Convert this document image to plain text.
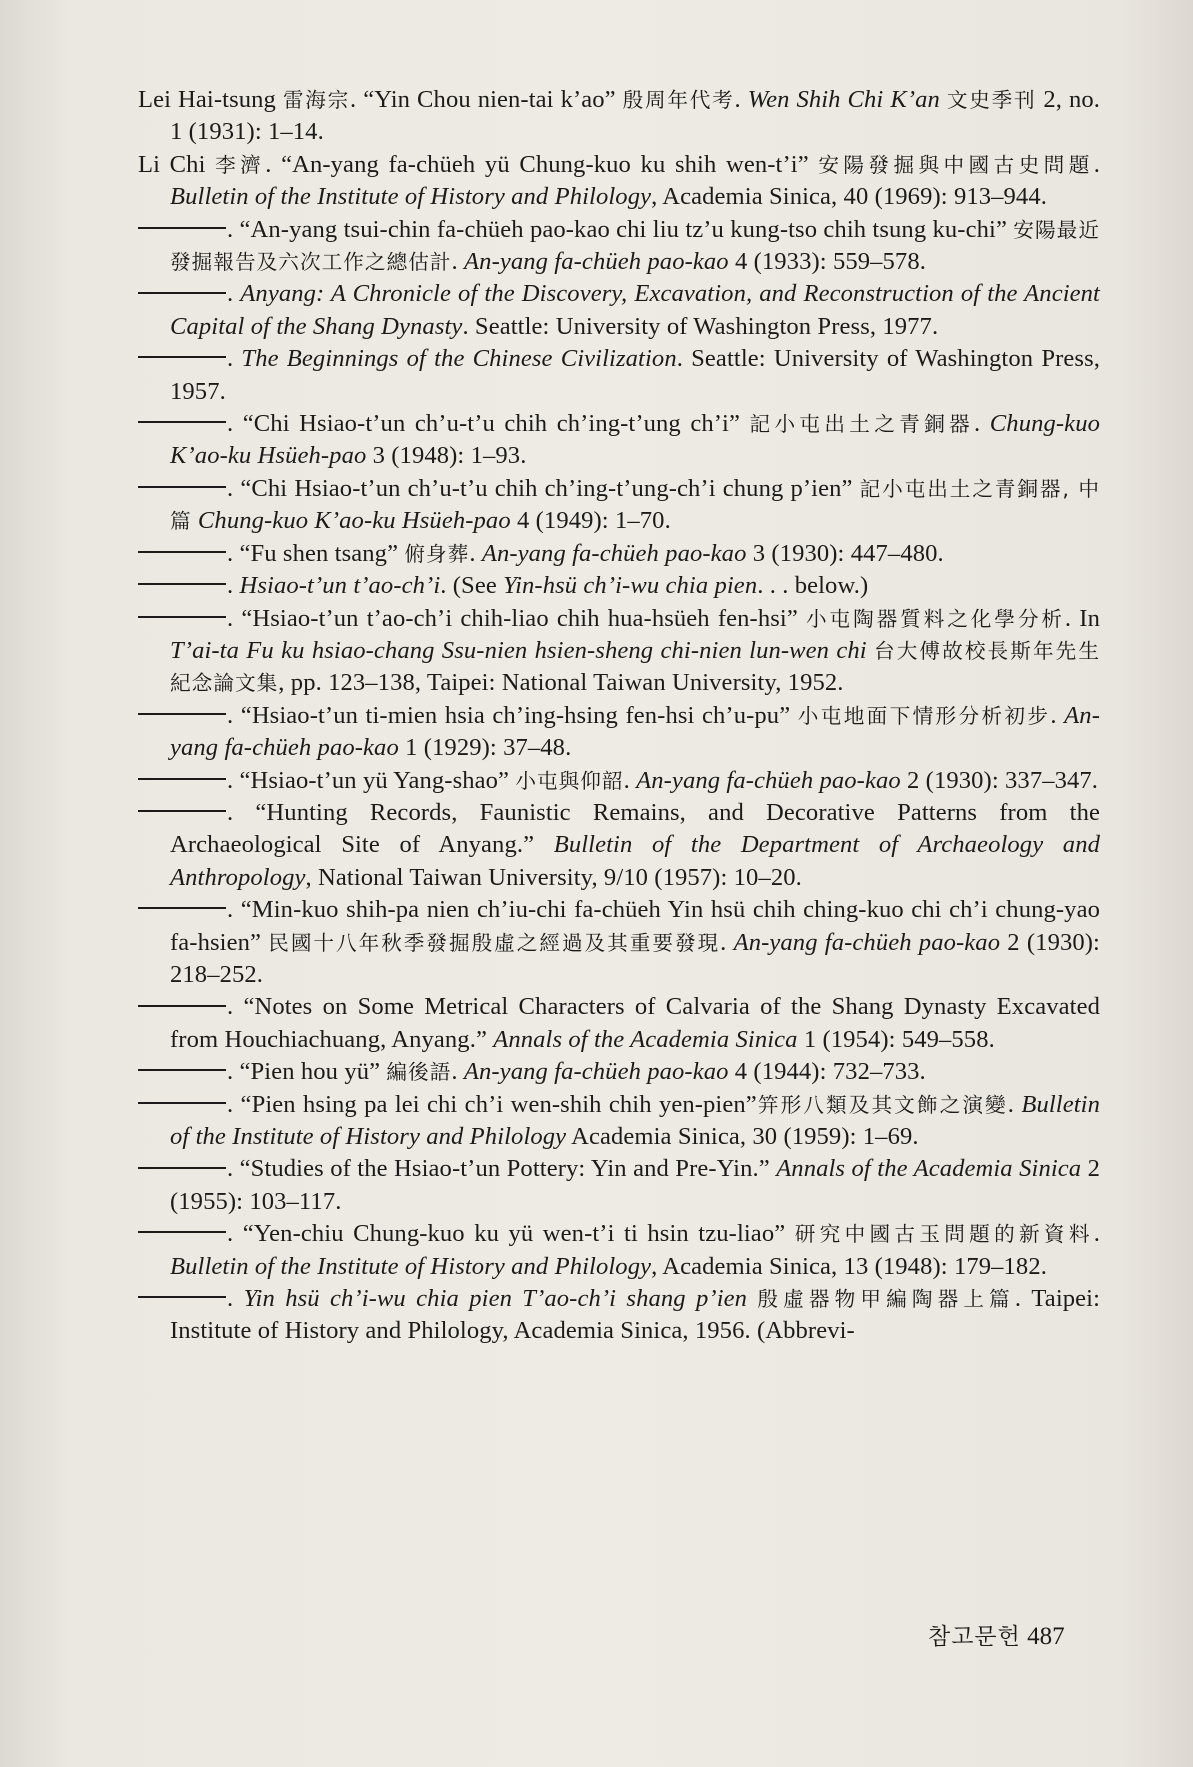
Lei Hai-tsung 雷海宗. “Yin Chou nien-tai k’ao” 殷周年代考. Wen Shih Chi K’an 文史季刊 2, no. 1 (1931): 1–14.

Li Chi 李濟. “An-yang fa-chüeh yü Chung-kuo ku shih wen-t’i” 安陽發掘與中國古史問題. Bulletin of the Institute of History and Philology, Academia Sinica, 40 (1969): 913–944.

. “An-yang tsui-chin fa-chüeh pao-kao chi liu tz’u kung-tso chih tsung ku-chi” 安陽最近發掘報告及六次工作之總估計. An-yang fa-chüeh pao-kao 4 (1933): 559–578.

. Anyang: A Chronicle of the Discovery, Excavation, and Reconstruction of the Ancient Capital of the Shang Dynasty. Seattle: University of Washington Press, 1977.

. The Beginnings of the Chinese Civilization. Seattle: University of Washington Press, 1957.

. “Chi Hsiao-t’un ch’u-t’u chih ch’ing-t’ung ch’i” 記小屯出土之青銅器. Chung-kuo K’ao-ku Hsüeh-pao 3 (1948): 1–93.

. “Chi Hsiao-t’un ch’u-t’u chih ch’ing-t’ung-ch’i chung p’ien” 記小屯出土之青銅器, 中篇 Chung-kuo K’ao-ku Hsüeh-pao 4 (1949): 1–70.

. “Fu shen tsang” 俯身葬. An-yang fa-chüeh pao-kao 3 (1930): 447–480.

. Hsiao-t’un t’ao-ch’i. (See Yin-hsü ch’i-wu chia pien. . . below.)

. “Hsiao-t’un t’ao-ch’i chih-liao chih hua-hsüeh fen-hsi” 小屯陶器質料之化學分析. In T’ai-ta Fu ku hsiao-chang Ssu-nien hsien-sheng chi-nien lun-wen chi 台大傅故校長斯年先生紀念論文集, pp. 123–138, Taipei: National Taiwan University, 1952.

. “Hsiao-t’un ti-mien hsia ch’ing-hsing fen-hsi ch’u-pu” 小屯地面下情形分析初步. An-yang fa-chüeh pao-kao 1 (1929): 37–48.

. “Hsiao-t’un yü Yang-shao” 小屯與仰韶. An-yang fa-chüeh pao-kao 2 (1930): 337–347.

. “Hunting Records, Faunistic Remains, and Decorative Patterns from the Archaeological Site of Anyang.” Bulletin of the Department of Archaeology and Anthropology, National Taiwan University, 9/10 (1957): 10–20.

. “Min-kuo shih-pa nien ch’iu-chi fa-chüeh Yin hsü chih ching-kuo chi ch’i chung-yao fa-hsien” 民國十八年秋季發掘殷虛之經過及其重要發現. An-yang fa-chüeh pao-kao 2 (1930): 218–252.

. “Notes on Some Metrical Characters of Calvaria of the Shang Dynasty Excavated from Houchiachuang, Anyang.” Annals of the Academia Sinica 1 (1954): 549–558.

. “Pien hou yü” 編後語. An-yang fa-chüeh pao-kao 4 (1944): 732–733.

. “Pien hsing pa lei chi ch’i wen-shih chih yen-pien”笄形八類及其文飾之演變. Bulletin of the Institute of History and Philology Academia Sinica, 30 (1959): 1–69.

. “Studies of the Hsiao-t’un Pottery: Yin and Pre-Yin.” Annals of the Academia Sinica 2 (1955): 103–117.

. “Yen-chiu Chung-kuo ku yü wen-t’i ti hsin tzu-liao” 研究中國古玉問題的新資料. Bulletin of the Institute of History and Philology, Academia Sinica, 13 (1948): 179–182.

. Yin hsü ch’i-wu chia pien T’ao-ch’i shang p’ien 殷虛器物甲編陶器上篇. Taipei: Institute of History and Philology, Academia Sinica, 1956. (Abbrevi-

참고문헌 487
